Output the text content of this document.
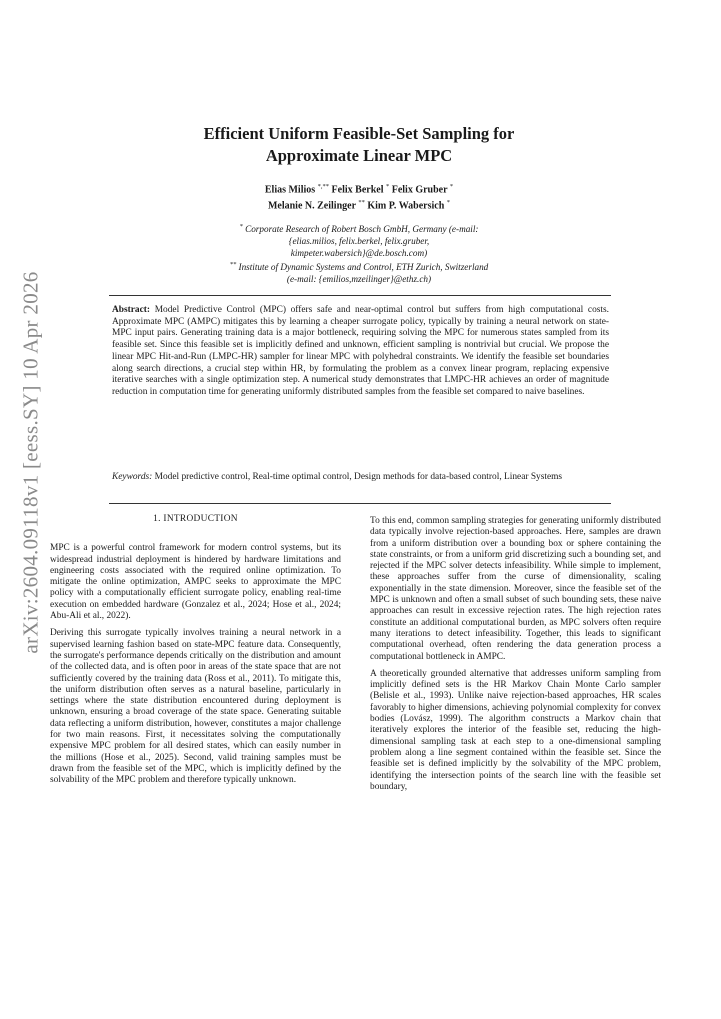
arXiv:2604.09118v1 [eess.SY] 10 Apr 2026
Efficient Uniform Feasible-Set Sampling for
Approximate Linear MPC
Elias Milios *,** Felix Berkel * Felix Gruber *
Melanie N. Zeilinger ** Kim P. Wabersich *
* Corporate Research of Robert Bosch GmbH, Germany (e-mail:
{elias.milios, felix.berkel, felix.gruber,
kimpeter.wabersich}@de.bosch.com)
** Institute of Dynamic Systems and Control, ETH Zurich, Switzerland
(e-mail: {emilios,mzeilinger}@ethz.ch)
Abstract: Model Predictive Control (MPC) offers safe and near-optimal control but suffers from high computational costs. Approximate MPC (AMPC) mitigates this by learning a cheaper surrogate policy, typically by training a neural network on state-MPC input pairs. Generating training data is a major bottleneck, requiring solving the MPC for numerous states sampled from its feasible set. Since this feasible set is implicitly defined and unknown, efficient sampling is nontrivial but crucial. We propose the linear MPC Hit-and-Run (LMPC-HR) sampler for linear MPC with polyhedral constraints. We identify the feasible set boundaries along search directions, a crucial step within HR, by formulating the problem as a convex linear program, replacing expensive iterative searches with a single optimization step. A numerical study demonstrates that LMPC-HR achieves an order of magnitude reduction in computation time for generating uniformly distributed samples from the feasible set compared to naive baselines.
Keywords: Model predictive control, Real-time optimal control, Design methods for data-based control, Linear Systems
1. INTRODUCTION

MPC is a powerful control framework for modern control systems, but its widespread industrial deployment is hindered by hardware limitations and engineering costs associated with the required online optimization. To mitigate the online optimization, AMPC seeks to approximate the MPC policy with a computationally efficient surrogate policy, enabling real-time execution on embedded hardware (Gonzalez et al., 2024; Hose et al., 2024; Abu-Ali et al., 2022).

Deriving this surrogate typically involves training a neural network in a supervised learning fashion based on state-MPC feature data. Consequently, the surrogate's performance depends critically on the distribution and amount of the collected data, and is often poor in areas of the state space that are not sufficiently covered by the training data (Ross et al., 2011). To mitigate this, the uniform distribution often serves as a natural baseline, particularly in settings where the state distribution encountered during deployment is unknown, ensuring a broad coverage of the state space. Generating suitable data reflecting a uniform distribution, however, constitutes a major challenge for two main reasons. First, it necessitates solving the computationally expensive MPC problem for all desired states, which can easily number in the millions (Hose et al., 2025). Second, valid training samples must be drawn from the feasible set of the MPC, which is implicitly defined by the solvability of the MPC problem and therefore typically unknown.

To this end, common sampling strategies for generating uniformly distributed data typically involve rejection-based approaches. Here, samples are drawn from a uniform distribution over a bounding box or sphere containing the state constraints, or from a uniform grid discretizing such a bounding set, and rejected if the MPC solver detects infeasibility. While simple to implement, these approaches suffer from the curse of dimensionality, scaling exponentially in the state dimension. Moreover, since the feasible set of the MPC is unknown and often a small subset of such bounding sets, these naive approaches can result in excessive rejection rates. The high rejection rates constitute an additional computational burden, as MPC solvers often require many iterations to detect infeasibility. Together, this leads to significant computational overhead, often rendering the data generation process a computational bottleneck in AMPC.

A theoretically grounded alternative that addresses uniform sampling from implicitly defined sets is the HR Markov Chain Monte Carlo sampler (Belisle et al., 1993). Unlike naive rejection-based approaches, HR scales favorably to higher dimensions, achieving polynomial complexity for convex bodies (Lovász, 1999). The algorithm constructs a Markov chain that iteratively explores the interior of the feasible set, reducing the high-dimensional sampling task at each step to a one-dimensional sampling problem along a line segment contained within the feasible set. Since the feasible set is defined implicitly by the solvability of the MPC problem, identifying the intersection points of the search line with the feasible set boundary,
